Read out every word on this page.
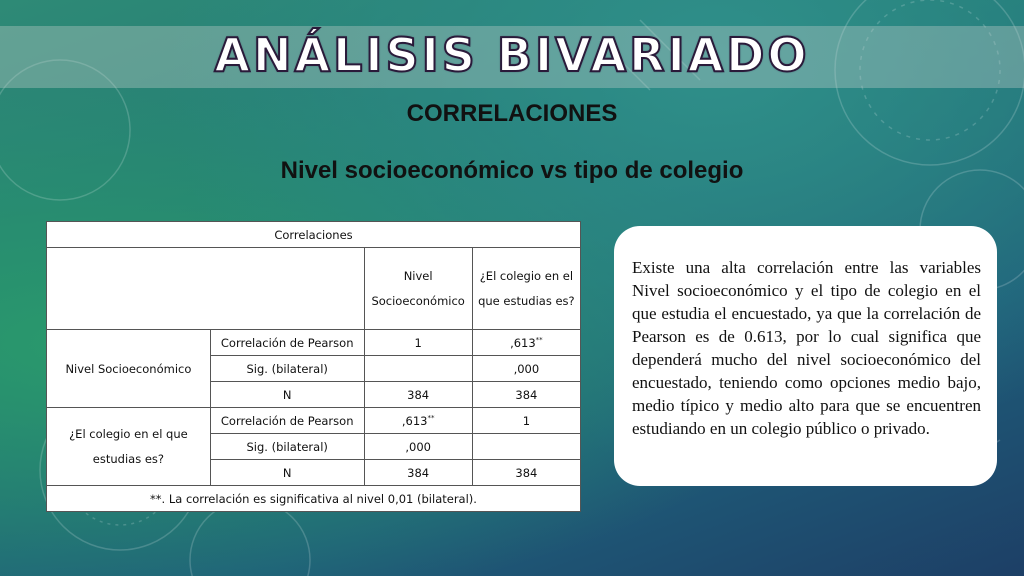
ANÁLISIS BIVARIADO
CORRELACIONES
Nivel socioeconómico vs tipo de colegio
Correlaciones			
		Nivel Socioeconómico	¿El colegio en el que estudias es?
Nivel Socioeconómico	Correlación de Pearson	1	,613**
	Sig. (bilateral)		,000
	N	384	384
¿El colegio en el que estudias es?	Correlación de Pearson	,613**	1
	Sig. (bilateral)	,000	
	N	384	384
**. La correlación es significativa al nivel 0,01 (bilateral).			
Existe una alta correlación entre las variables Nivel socioeconómico y el tipo de colegio en el que estudia el encuestado, ya que la correlación de Pearson es de 0.613, por lo cual significa que dependerá mucho del nivel socioeconómico del encuestado, teniendo como opciones medio bajo, medio típico y medio alto para que se encuentren estudiando en un colegio público o privado.
